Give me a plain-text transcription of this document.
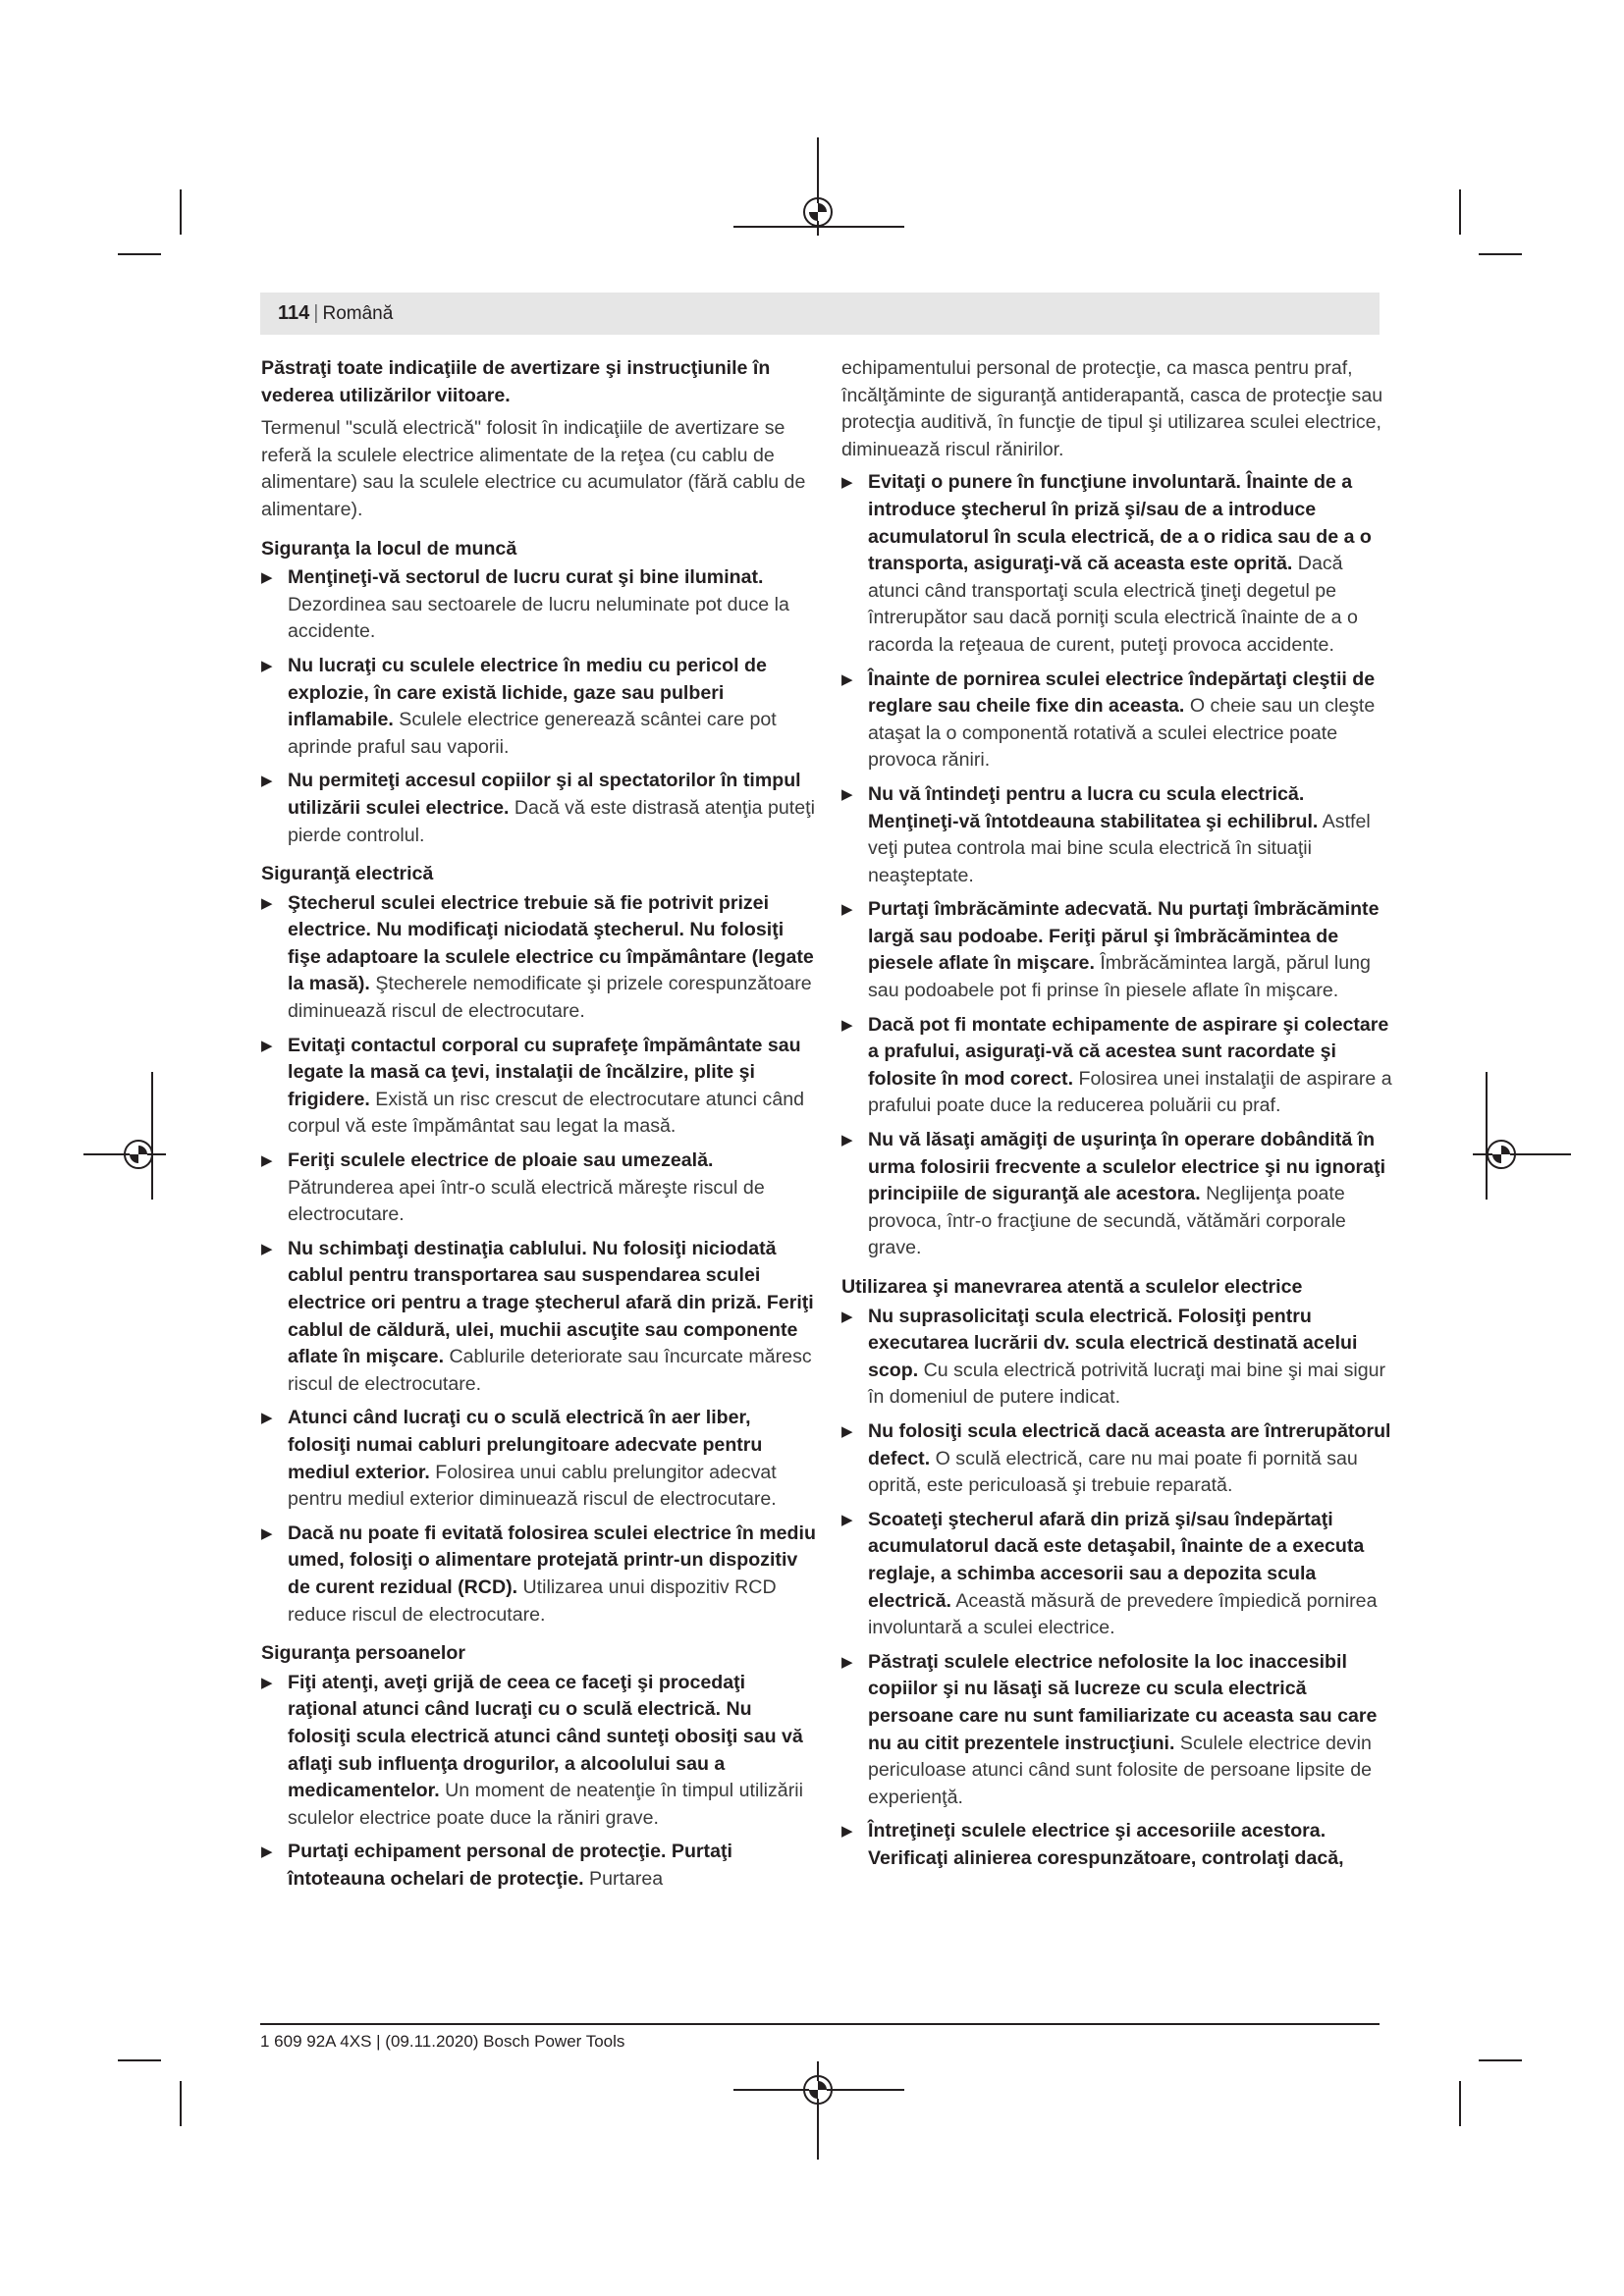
114 | Română

Păstraţi toate indicaţiile de avertizare şi instrucţiunile în vederea utilizărilor viitoare.

Termenul "sculă electrică" folosit în indicaţiile de avertizare se referă la sculele electrice alimentate de la reţea (cu cablu de alimentare) sau la sculele electrice cu acumulator (fără cablu de alimentare).

Siguranţa la locul de muncă
▶ Menţineţi-vă sectorul de lucru curat şi bine iluminat. Dezordinea sau sectoarele de lucru neluminate pot duce la accidente.
▶ Nu lucraţi cu sculele electrice în mediu cu pericol de explozie, în care există lichide, gaze sau pulberi inflamabile. Sculele electrice generează scântei care pot aprinde praful sau vaporii.
▶ Nu permiteţi accesul copiilor şi al spectatorilor în timpul utilizării sculei electrice. Dacă vă este distrasă atenţia puteţi pierde controlul.
Siguranţă electrică
▶ Ştecherul sculei electrice trebuie să fie potrivit prizei electrice. Nu modificaţi niciodată ştecherul. Nu folosiţi fişe adaptoare la sculele electrice cu împământare (legate la masă). Ştecherele nemodificate şi prizele corespunzătoare diminuează riscul de electrocutare.
▶ Evitaţi contactul corporal cu suprafeţe împământate sau legate la masă ca ţevi, instalaţii de încălzire, plite şi frigidere. Există un risc crescut de electrocutare atunci când corpul vă este împământat sau legat la masă.
▶ Feriţi sculele electrice de ploaie sau umezeală. Pătrunderea apei într-o sculă electrică măreşte riscul de electrocutare.
▶ Nu schimbaţi destinaţia cablului. Nu folosiţi niciodată cablul pentru transportarea sau suspendarea sculei electrice ori pentru a trage ştecherul afară din priză. Feriţi cablul de căldură, ulei, muchii ascuţite sau componente aflate în mişcare. Cablurile deteriorate sau încurcate măresc riscul de electrocutare.
▶ Atunci când lucraţi cu o sculă electrică în aer liber, folosiţi numai cabluri prelungitoare adecvate pentru mediul exterior. Folosirea unui cablu prelungitor adecvat pentru mediul exterior diminuează riscul de electrocutare.
▶ Dacă nu poate fi evitată folosirea sculei electrice în mediu umed, folosiţi o alimentare protejată printr-un dispozitiv de curent rezidual (RCD). Utilizarea unui dispozitiv RCD reduce riscul de electrocutare.
Siguranţa persoanelor
▶ Fiţi atenţi, aveţi grijă de ceea ce faceţi şi procedaţi raţional atunci când lucraţi cu o sculă electrică. Nu folosiţi scula electrică atunci când sunteţi obosiţi sau vă aflaţi sub influenţa drogurilor, a alcoolului sau a medicamentelor. Un moment de neatenţie în timpul utilizării sculelor electrice poate duce la răniri grave.
▶ Purtaţi echipament personal de protecţie. Purtaţi întoteauna ochelari de protecţie. Purtarea

echipamentului personal de protecţie, ca masca pentru praf, încălţăminte de siguranţă antiderapantă, casca de protecţie sau protecţia auditivă, în funcţie de tipul şi utilizarea sculei electrice, diminuează riscul rănirilor.

▶ Evitaţi o punere în funcţiune involuntară. Înainte de a introduce ştecherul în priză şi/sau de a introduce acumulatorul în scula electrică, de a o ridica sau de a o transporta, asiguraţi-vă că aceasta este oprită. Dacă atunci când transportaţi scula electrică ţineţi degetul pe întrerupător sau dacă porniţi scula electrică înainte de a o racorda la reţeaua de curent, puteţi provoca accidente.
▶ Înainte de pornirea sculei electrice îndepărtaţi cleştii de reglare sau cheile fixe din aceasta. O cheie sau un cleşte ataşat la o componentă rotativă a sculei electrice poate provoca răniri.
▶ Nu vă întindeţi pentru a lucra cu scula electrică. Menţineţi-vă întotdeauna stabilitatea şi echilibrul. Astfel veţi putea controla mai bine scula electrică în situaţii neaşteptate.
▶ Purtaţi îmbrăcăminte adecvată. Nu purtaţi îmbrăcăminte largă sau podoabe. Feriţi părul şi îmbrăcămintea de piesele aflate în mişcare. Îmbrăcămintea largă, părul lung sau podoabele pot fi prinse în piesele aflate în mişcare.
▶ Dacă pot fi montate echipamente de aspirare şi colectare a prafului, asiguraţi-vă că acestea sunt racordate şi folosite în mod corect. Folosirea unei instalaţii de aspirare a prafului poate duce la reducerea poluării cu praf.
▶ Nu vă lăsaţi amăgiţi de uşurinţa în operare dobândită în urma folosirii frecvente a sculelor electrice şi nu ignoraţi principiile de siguranţă ale acestora. Neglijenţa poate provoca, într-o fracţiune de secundă, vătămări corporale grave.
Utilizarea şi manevrarea atentă a sculelor electrice
▶ Nu suprasolicitaţi scula electrică. Folosiţi pentru executarea lucrării dv. scula electrică destinată acelui scop. Cu scula electrică potrivită lucraţi mai bine şi mai sigur în domeniul de putere indicat.
▶ Nu folosiţi scula electrică dacă aceasta are întrerupătorul defect. O sculă electrică, care nu mai poate fi pornită sau oprită, este periculoasă şi trebuie reparată.
▶ Scoateţi ştecherul afară din priză şi/sau îndepărtaţi acumulatorul dacă este detaşabil, înainte de a executa reglaje, a schimba accesorii sau a depozita scula electrică. Această măsură de prevedere împiedică pornirea involuntară a sculei electrice.
▶ Păstraţi sculele electrice nefolosite la loc inaccesibil copiilor şi nu lăsaţi să lucreze cu scula electrică persoane care nu sunt familiarizate cu aceasta sau care nu au citit prezentele instrucţiuni. Sculele electrice devin periculoase atunci când sunt folosite de persoane lipsite de experienţă.
▶ Întreţineţi sculele electrice şi accesoriile acestora. Verificaţi alinierea corespunzătoare, controlaţi dacă,
1 609 92A 4XS | (09.11.2020) Bosch Power Tools
